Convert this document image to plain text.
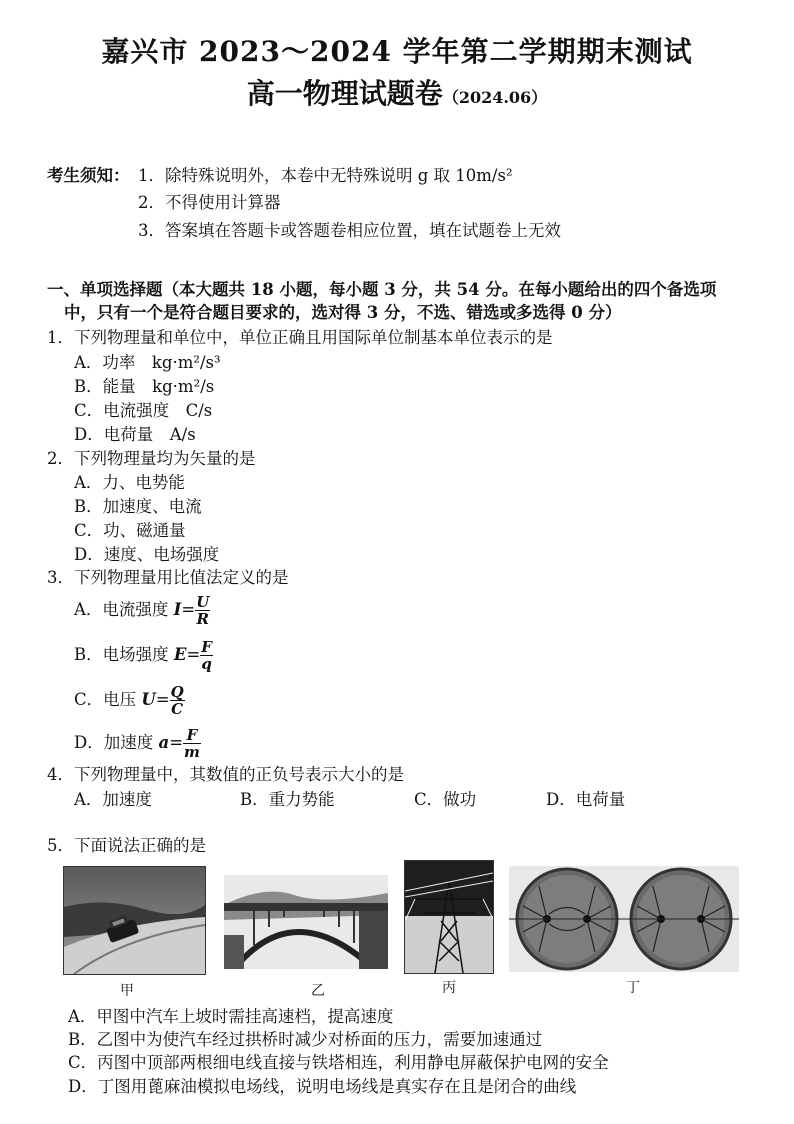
嘉兴市 2023～2024 学年第二学期期末测试
高一物理试题卷（2024.06）
考生须知： 1．除特殊说明外，本卷中无特殊说明 g 取 10m/s²
2．不得使用计算器
3．答案填在答题卡或答题卷相应位置，填在试题卷上无效
一、单项选择题（本大题共 18 小题，每小题 3 分，共 54 分。在每小题给出的四个备选项
中，只有一个是符合题目要求的，选对得 3 分，不选、错选或多选得 0 分）
1．下列物理量和单位中，单位正确且用国际单位制基本单位表示的是
A．功率　kg·m²/s³
B．能量　kg·m²/s
C．电流强度　C/s
D．电荷量　A/s
2．下列物理量均为矢量的是
A．力、电势能
B．加速度、电流
C．功、磁通量
D．速度、电场强度
3．下列物理量用比值法定义的是
A．电流强度 $I= \frac{U}{R}$
B．电场强度 $E= \frac{F}{q}$
C．电压 $U= \frac{Q}{C}$
D．加速度 $a= \frac{F}{m}$
4．下列物理量中，其数值的正负号表示大小的是
A．加速度	B．重力势能	C．做功	D．电荷量
5．下面说法正确的是
甲	乙	丙	丁
A．甲图中汽车上坡时需挂高速档，提高速度
B．乙图中为使汽车经过拱桥时减少对桥面的压力，需要加速通过
C．丙图中顶部两根细电线直接与铁塔相连，利用静电屏蔽保护电网的安全
D．丁图用蓖麻油模拟电场线，说明电场线是真实存在且是闭合的曲线
